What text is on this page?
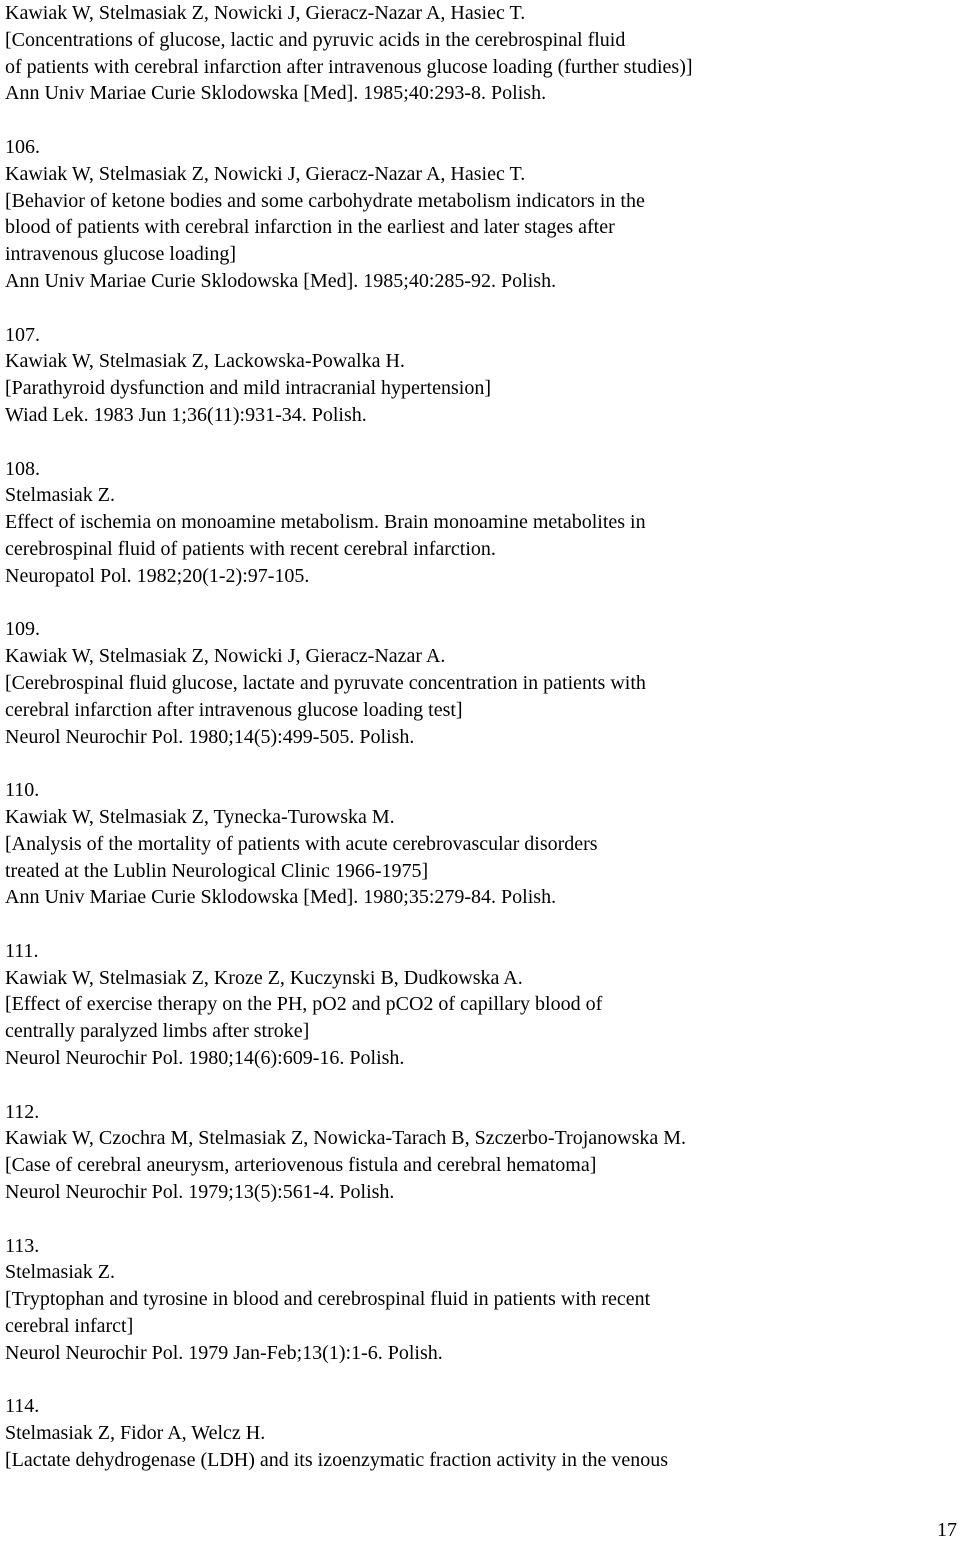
Kawiak W, Stelmasiak Z, Nowicki J, Gieracz-Nazar A, Hasiec T.
[Concentrations of glucose, lactic and pyruvic acids in the cerebrospinal fluid
of patients with cerebral infarction after intravenous glucose loading (further studies)]
Ann Univ Mariae Curie Sklodowska [Med]. 1985;40:293-8. Polish.
106.
Kawiak W, Stelmasiak Z, Nowicki J, Gieracz-Nazar A, Hasiec T.
[Behavior of ketone bodies and some carbohydrate metabolism indicators in the
blood of patients with cerebral infarction in the earliest and later stages after
intravenous glucose loading]
Ann Univ Mariae Curie Sklodowska [Med]. 1985;40:285-92. Polish.
107.
Kawiak W, Stelmasiak Z, Lackowska-Powalka H.
[Parathyroid dysfunction and mild intracranial hypertension]
Wiad Lek. 1983 Jun 1;36(11):931-34. Polish.
108.
Stelmasiak Z.
Effect of ischemia on monoamine metabolism. Brain monoamine metabolites in
cerebrospinal fluid of patients with recent cerebral infarction.
Neuropatol Pol. 1982;20(1-2):97-105.
109.
Kawiak W, Stelmasiak Z, Nowicki J, Gieracz-Nazar A.
[Cerebrospinal fluid glucose, lactate and pyruvate concentration in patients with
cerebral infarction after intravenous glucose loading test]
Neurol Neurochir Pol. 1980;14(5):499-505. Polish.
110.
Kawiak W, Stelmasiak Z, Tynecka-Turowska M.
[Analysis of the mortality of patients with acute cerebrovascular disorders
treated at the Lublin Neurological Clinic 1966-1975]
Ann Univ Mariae Curie Sklodowska [Med]. 1980;35:279-84. Polish.
111.
Kawiak W, Stelmasiak Z, Kroze Z, Kuczynski B, Dudkowska A.
[Effect of exercise therapy on the PH, pO2 and pCO2 of capillary blood of
centrally paralyzed limbs after stroke]
Neurol Neurochir Pol. 1980;14(6):609-16. Polish.
112.
Kawiak W, Czochra M, Stelmasiak Z, Nowicka-Tarach B, Szczerbo-Trojanowska M.
[Case of cerebral aneurysm, arteriovenous fistula and cerebral hematoma]
Neurol Neurochir Pol. 1979;13(5):561-4. Polish.
113.
Stelmasiak Z.
[Tryptophan and tyrosine in blood and cerebrospinal fluid in patients with recent
cerebral infarct]
Neurol Neurochir Pol. 1979 Jan-Feb;13(1):1-6. Polish.
114.
Stelmasiak Z, Fidor A, Welcz H.
[Lactate dehydrogenase (LDH) and its izoenzymatic fraction activity in the venous
17
